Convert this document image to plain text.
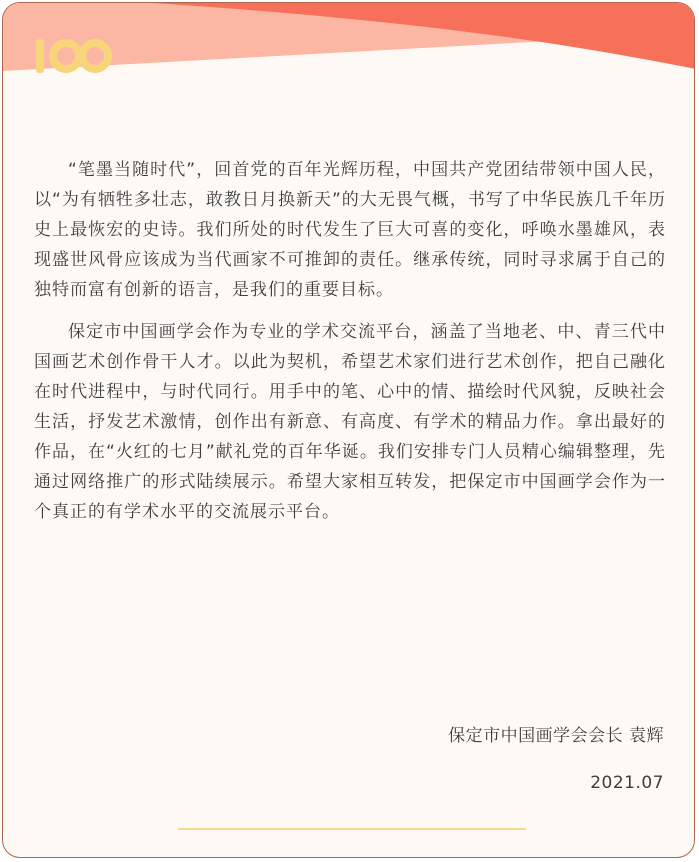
“笔墨当随时代”，回首党的百年光辉历程，中国共产党团结带领中国人民，以“为有牺牲多壮志，敢教日月换新天”的大无畏气概，书写了中华民族几千年历史上最恢宏的史诗。我们所处的时代发生了巨大可喜的变化，呼唤水墨雄风，表现盛世风骨应该成为当代画家不可推卸的责任。继承传统，同时寻求属于自己的独特而富有创新的语言，是我们的重要目标。

保定市中国画学会作为专业的学术交流平台，涵盖了当地老、中、青三代中国画艺术创作骨干人才。以此为契机，希望艺术家们进行艺术创作，把自己融化在时代进程中，与时代同行。用手中的笔、心中的情、描绘时代风貌，反映社会生活，抒发艺术激情，创作出有新意、有高度、有学术的精品力作。拿出最好的作品，在“火红的七月”献礼党的百年华诞。我们安排专门人员精心编辑整理，先通过网络推广的形式陆续展示。希望大家相互转发，把保定市中国画学会作为一个真正的有学术水平的交流展示平台。

保定市中国画学会会长 袁辉
2021.07
